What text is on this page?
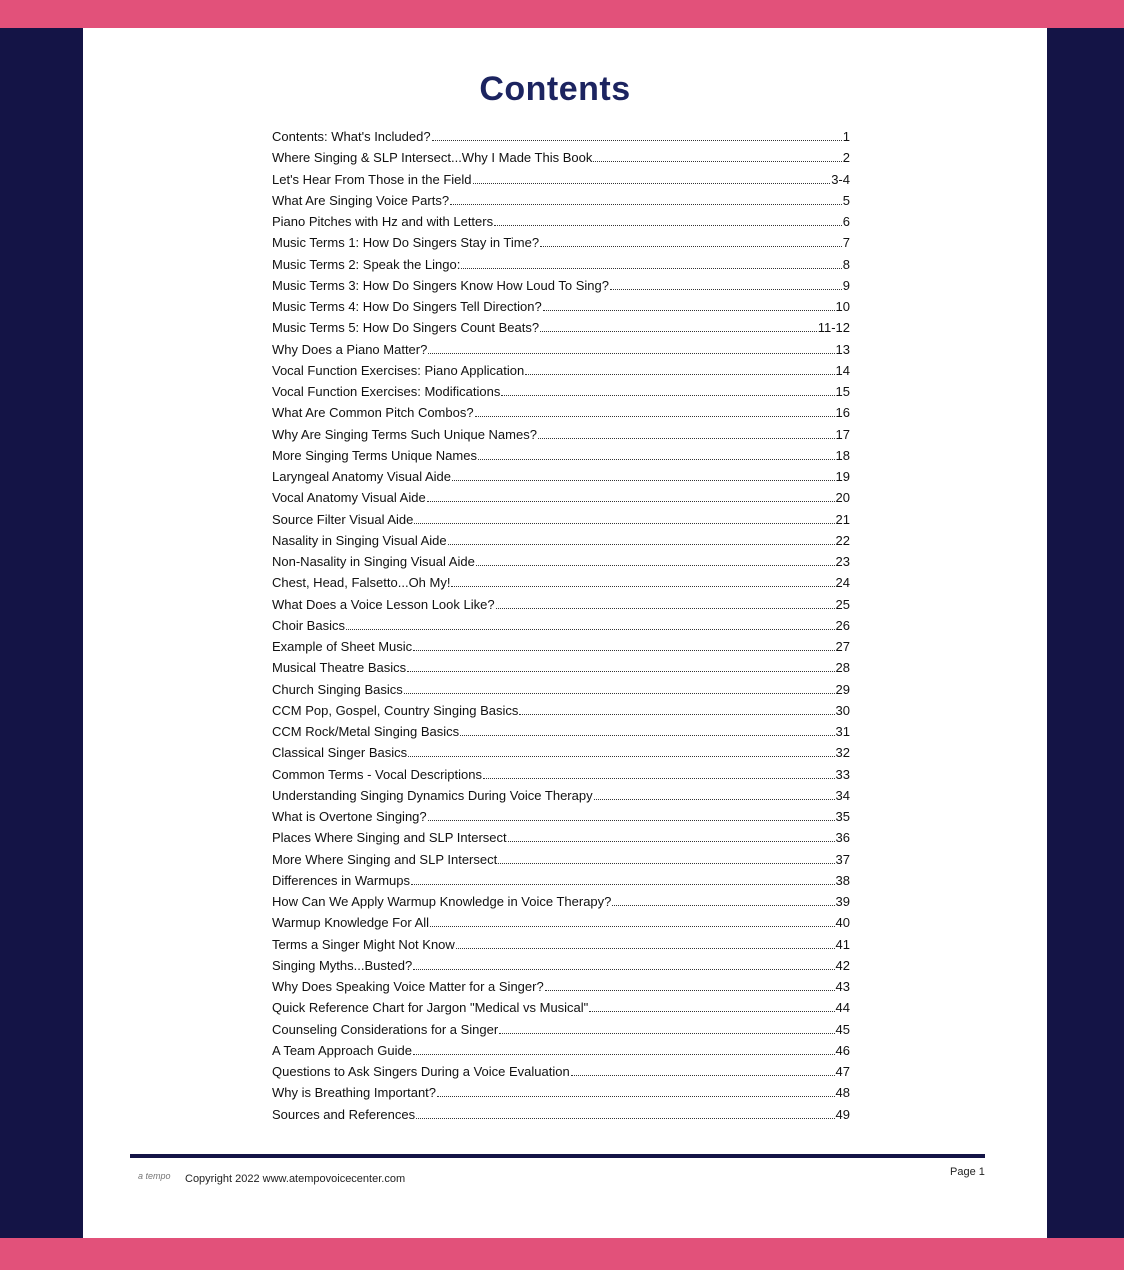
Contents
Contents: What's Included?	1
Where Singing & SLP Intersect...Why I Made This Book	2
Let's Hear From Those in the Field	3-4
What Are Singing Voice Parts?	5
Piano Pitches with Hz and with Letters	6
Music Terms 1: How Do Singers Stay in Time?	7
Music Terms 2: Speak the Lingo:	8
Music Terms 3: How Do Singers Know How Loud To Sing?	9
Music Terms 4: How Do Singers Tell Direction?	10
Music Terms 5: How Do Singers Count Beats?	11-12
Why Does a Piano Matter?	13
Vocal Function Exercises: Piano Application	14
Vocal Function Exercises: Modifications	15
What Are Common Pitch Combos?	16
Why Are Singing Terms Such Unique Names?	17
More Singing Terms Unique Names	18
Laryngeal Anatomy Visual Aide	19
Vocal Anatomy Visual Aide	20
Source Filter Visual Aide	21
Nasality in Singing Visual Aide	22
Non-Nasality in Singing Visual Aide	23
Chest, Head, Falsetto...Oh My!	24
What Does a Voice Lesson Look Like?	25
Choir Basics	26
Example of Sheet Music	27
Musical Theatre Basics	28
Church Singing Basics	29
CCM Pop, Gospel, Country Singing Basics	30
CCM Rock/Metal Singing Basics	31
Classical Singer Basics	32
Common Terms - Vocal Descriptions	33
Understanding Singing Dynamics During Voice Therapy	34
What is Overtone Singing?	35
Places Where Singing and SLP Intersect	36
More Where Singing and SLP Intersect	37
Differences in Warmups	38
How Can We Apply Warmup Knowledge in Voice Therapy?	39
Warmup Knowledge For All	40
Terms a Singer Might Not Know	41
Singing Myths...Busted?	42
Why Does Speaking Voice Matter for a Singer?	43
Quick Reference Chart for Jargon "Medical vs Musical"	44
Counseling Considerations for a Singer	45
A Team Approach Guide	46
Questions to Ask Singers During a Voice Evaluation	47
Why is Breathing Important?	48
Sources and References	49
a tempo Copyright 2022 www.atempovoicecenter.com
Page 1
